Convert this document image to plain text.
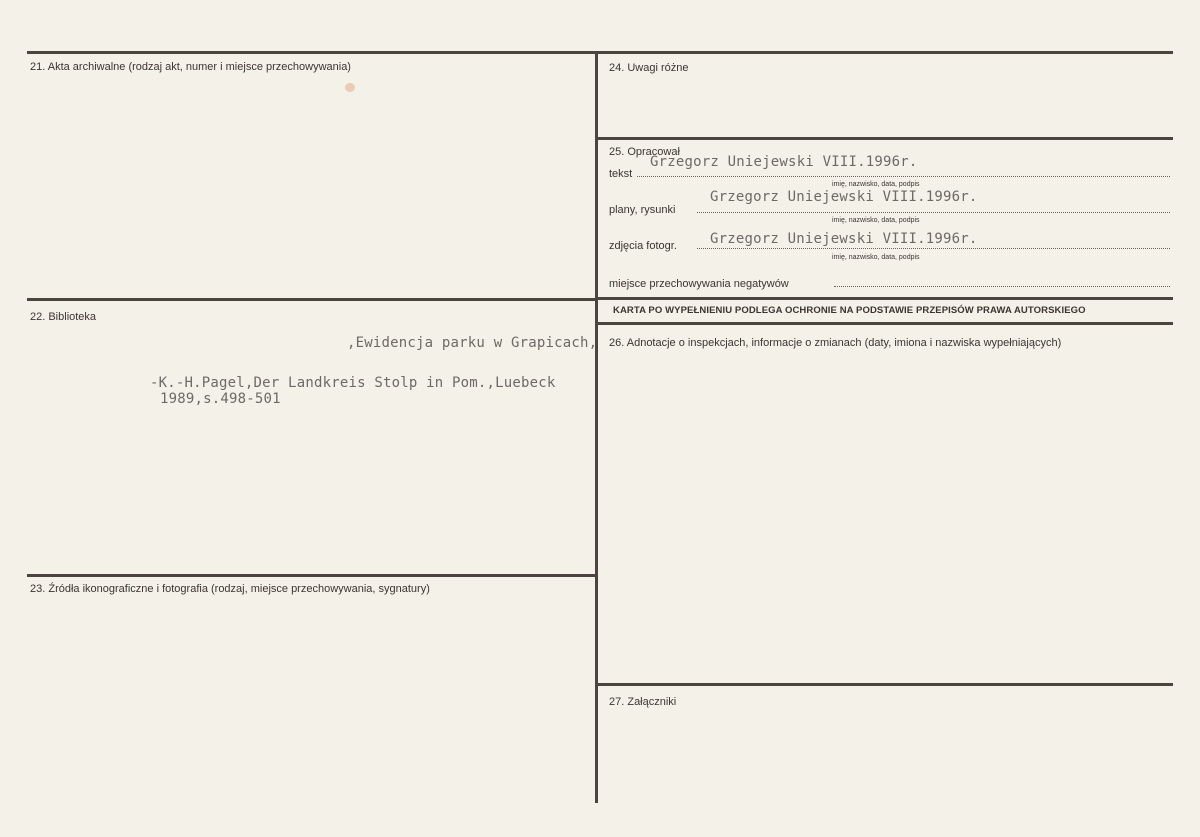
21. Akta archiwalne (rodzaj akt, numer i miejsce przechowywania)
22. Biblioteka
,Ewidencja parku w Grapicach,
-K.-H.Pagel,Der Landkreis Stolp in Pom.,Luebeck
1989,s.498-501
23. Źródła ikonograficzne i fotografia (rodzaj, miejsce przechowywania, sygnatury)
24. Uwagi różne
25. Opracował
tekst
Grzegorz Uniejewski VIII.1996r.
imię, nazwisko, data, podpis
plany, rysunki
Grzegorz Uniejewski VIII.1996r.
imię, nazwisko, data, podpis
zdjęcia fotogr. Grzegorz Uniejewski VIII.1996r.
imię, nazwisko, data, podpis
miejsce przechowywania negatywów
KARTA PO WYPEŁNIENIU PODLEGA OCHRONIE NA PODSTAWIE PRZEPISÓW PRAWA AUTORSKIEGO
26. Adnotacje o inspekcjach, informacje o zmianach (daty, imiona i nazwiska wypełniających)
27. Załączniki
